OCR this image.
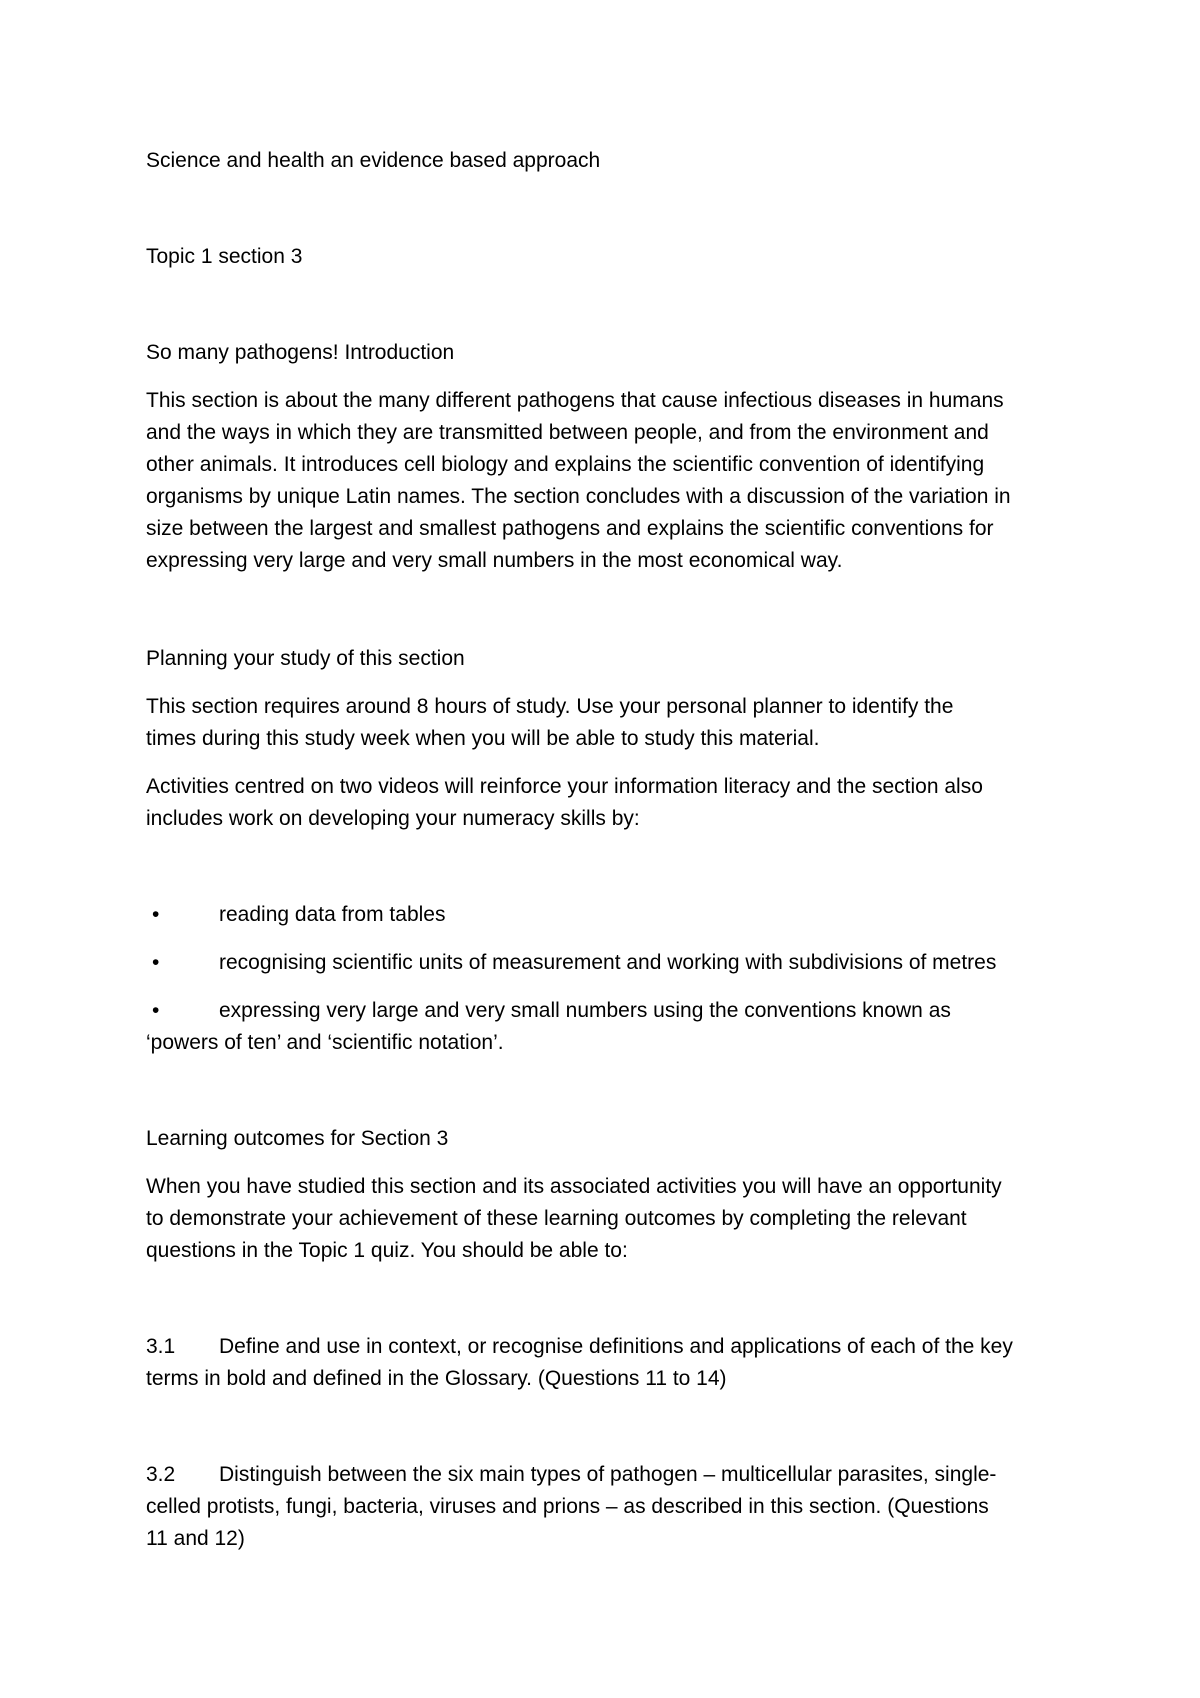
Science and health an evidence based approach
Topic 1 section 3
So many pathogens! Introduction
This section is about the many different pathogens that cause infectious diseases in humans
and the ways in which they are transmitted between people, and from the environment and
other animals. It introduces cell biology and explains the scientific convention of identifying
organisms by unique Latin names. The section concludes with a discussion of the variation in
size between the largest and smallest pathogens and explains the scientific conventions for
expressing very large and very small numbers in the most economical way.
Planning your study of this section
This section requires around 8 hours of study. Use your personal planner to identify the
times during this study week when you will be able to study this material.
Activities centred on two videos will reinforce your information literacy and the section also
includes work on developing your numeracy skills by:
•	reading data from tables
•	recognising scientific units of measurement and working with subdivisions of metres
•	expressing very large and very small numbers using the conventions known as
‘powers of ten’ and ‘scientific notation’.
Learning outcomes for Section 3
When you have studied this section and its associated activities you will have an opportunity
to demonstrate your achievement of these learning outcomes by completing the relevant
questions in the Topic 1 quiz. You should be able to:
3.1 Define and use in context, or recognise definitions and applications of each of the key
terms in bold and defined in the Glossary. (Questions 11 to 14)
3.2 Distinguish between the six main types of pathogen – multicellular parasites, single-
celled protists, fungi, bacteria, viruses and prions – as described in this section. (Questions
11 and 12)
